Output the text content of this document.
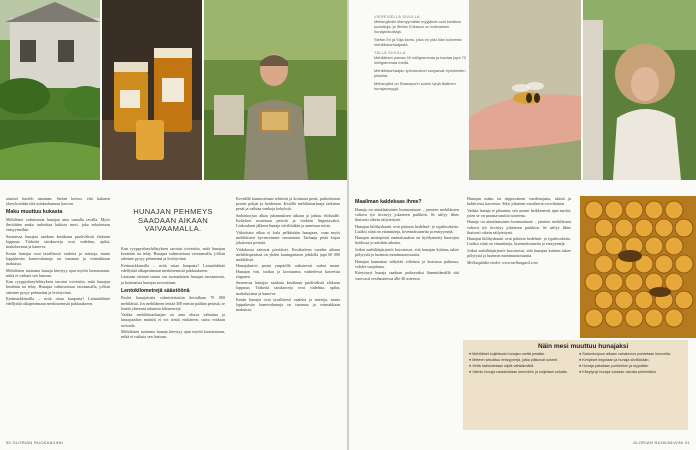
asiaiset huoleh tanutaan. Stefan kertoo, että kakaren yhteyksistään että asiakaskunnan kasvun.

Maku muuttuu kukasta

Mehiläiset valmistavat hunajaa aina samalla tavalla. Myös ilmiöiden maku tarkoittaa kukista mesi, joka sekoitetaan entsyymeihin.

Suomessa hunajaa saadaan kesäkuun puolivälistä elokuun loppuun. Tärkeitä satokasveja ovat vadelma, apilat, maitohorsma ja kanerva.

Kesän hunajat ovat tavallisesti vaaleita ja mietoja, mutta loppukesän kanervahunaja on tummaa ja voimakkaan makuista.

Mehiläisen tuottama hunaja kiteytyy ajan myötä luonnostaan, mikä ei vaikuta sen laatuun.

Kun ryyppyalueyhdistyksen tarrotut toiveisiin, mitä hunajan kerätään tai tehty. Hunajaa valmistetaan vaivaamalla, jolloin rakenne pysyy pehmeänä ja levittyvänä.

Kerimarkkinoilla – mitä ostaa kaupasta? Lainsäädäntö edellyttää alkuperämaan merkitsemistä pakkaukseen.

HUNAJAN PEHMEYS SAADAAN AIKAAN VAIVAAMALLA.

Kun ryyppyalueyhdistyksen tarrotut toiveisiin, mitä hunajan kerätään tai tehty. Hunajaa valmistetaan vaivaamalla, jolloin rakenne pysyy pehmeänä ja levittyvänä.

Kerimarkkinoilla – mitä ostaa kaupasta? Lainsäädäntö edellyttää alkuperämaan merkitsemistä pakkaukseen.

Lauttaan otetaan suurta osa suomalaisen hunajan tuotannosta, ja kotimaista hunajaa arvostetaan.

Lentokilometrejä säästöönä

Puolet hunajaisista valmistettaisiin kerrallaan 70 000 mehiläistä. Jos mehiläinen lentää 300 metrin päähän pesästä, se lentää yhteensä tuhansia kilometrejä.

Vaikka mehiläistarhaajan on aina oltava valmiina ja hunajasadon määrää ei voi tietää etukäteen, satoa voidaan arvioida.

Mehiläisen tuottama hunaja kiteytyy ajan myötä luonnostaan, mikä ei vaikuta sen laatuun.

Keväällä kunnostetaan tehtävät ja kotimaat pesät, paikoitetaan pesien pohjat ja hoidetaan. Kesällä mehiläistarhaaja tarkistaa pesät ja vaihtaa vanhoja kehyksiä.

Sadonkorjuu alkaa juhannuksen aikaan ja jatkuu elokuulle. Kehykset nostetaan pesistä ja viedään lingottavaksi. Linkouksen jälkeen hunaja siivilöidään ja annetaan seistä.

Viikoittain aikaa ei kulu pelkästään hunajaan, vaan myös mehiläisten hyvinvoinnin seurantaan. Tarhaaja pitää kirjaa jokaisesta pesästä.

Viidakossa sattuvat pörriäiset. Kevättalven vuoden aikana mehiläispesässä on yhden kuningattaren johdolla jopa 60 000 mehiläistä.

Hunajakasvit pesän ympärillä ratkaisevat sadon maun. Hunajan väri, tuoksu ja koostumus vaihtelevat kasveista riippuen.

Suomessa hunajaa saadaan kesäkuun puolivälistä elokuun loppuun. Tärkeitä satokasveja ovat vadelma, apilat, maitohorsma ja kanerva.

Kesän hunajat ovat tavallisesti vaaleita ja mietoja, mutta loppukesän kanervahunaja on tummaa ja voimakkaan makuista.

90 GLORIAN RUOKA&VIINI
VIEREISELLÄ SIVULLA

Mellangårdin tilamyymälän myyjäiset ovat kesäisin suosittuja, ja Stefan Eriksson on kotimainen hunajantuottaja.

Stefan Eri ja Silja kiorto, joka on yksi tilan kolmesta mehiläistarhaajasta.

TÄLLÄ SIVULLA

Mehiläinen painaa 90 milligrammaa ja kantaa jopa 70 milligrammaa mettä.

Mehiläistarhaajan työvarusteet suojaavat hyönteisten pistoilta.

Mellangård on Raaseporin suurin tyhjä tilallinen hunajanmyyjä.

Maailman kaldeksas ihme?

Hunaja on ainutlaatuinen luonnontuote – pienten mehiläisten valtava työ tiivistyy jokaiseen purkkiin. Se säilyy lähes ikuisesti oikein säilytettynä.

Hunajan hiilihydraatit ovat pääosin hedelmä- ja rypälesokeria. Lisäksi siinä on vitamiineja, kivennäisaineita ja entsyymejä.

Hunajan antiseptisiä ominaisuuksia on hyödynnetty haavojen hoidossa jo antiikin aikoina.

Jotkut mehiläisjärjestöt korostavat, että hunajan kulutus tukee pölytystä ja luonnon monimuotoisuutta.

Hunajaa kannattaa säilyttää viileässä ja kuivassa paikassa, valolta suojattuna.

Kiteytynyt hunaja saadaan juoksevaksi lämmittämällä sitä varovasti vesihauteessa alle 40 asteessa.

Hunajan maku on riippuvainen vuodenajasta, säästä ja kukkivista kasveista. Siksi jokainen vuosikerta on erilainen.

Vaikka hunaja ei pilaannu, sen aromit heikkenevät ajan myötä, joten se on parasta nauttia tuoreena.

Hunaja on ainutlaatuinen luonnontuote – pienten mehiläisten valtava työ tiivistyy jokaiseen purkkiin. Se säilyy lähes ikuisesti oikein säilytettynä.

Hunajan hiilihydraatit ovat pääosin hedelmä- ja rypälesokeria. Lisäksi siinä on vitamiineja, kivennäisaineita ja entsyymejä.

Jotkut mehiläisjärjestöt korostavat, että hunajan kulutus tukee pölytystä ja luonnon monimuotoisuutta.

Mellangårdin tiedot: www.mellangard.com

GLORIAN RUOKA&VIINI 91
Näin mesi muuttuu hunajaksi
● Mehiläiset kuljettavat hunajan mettä pesään.
● Meteen sekoittuu entsyymejä, jotka pilkkovat sokerit.
● Vettä haihdutetaan siipiä väristämällä.
● Valmis hunaja varastoidaan kennoihin ja suljetaan vahalla.
● Sadonkorjuun aikaan vahakerros poistetaan kennoilta.
● Kehykset lingotaan ja hunaja siivilöidään.
● Hunaja pakataan purkkeihin ja myydään.
● Kiteytynyt hunaja voidaan vaivata pehmeäksi.
